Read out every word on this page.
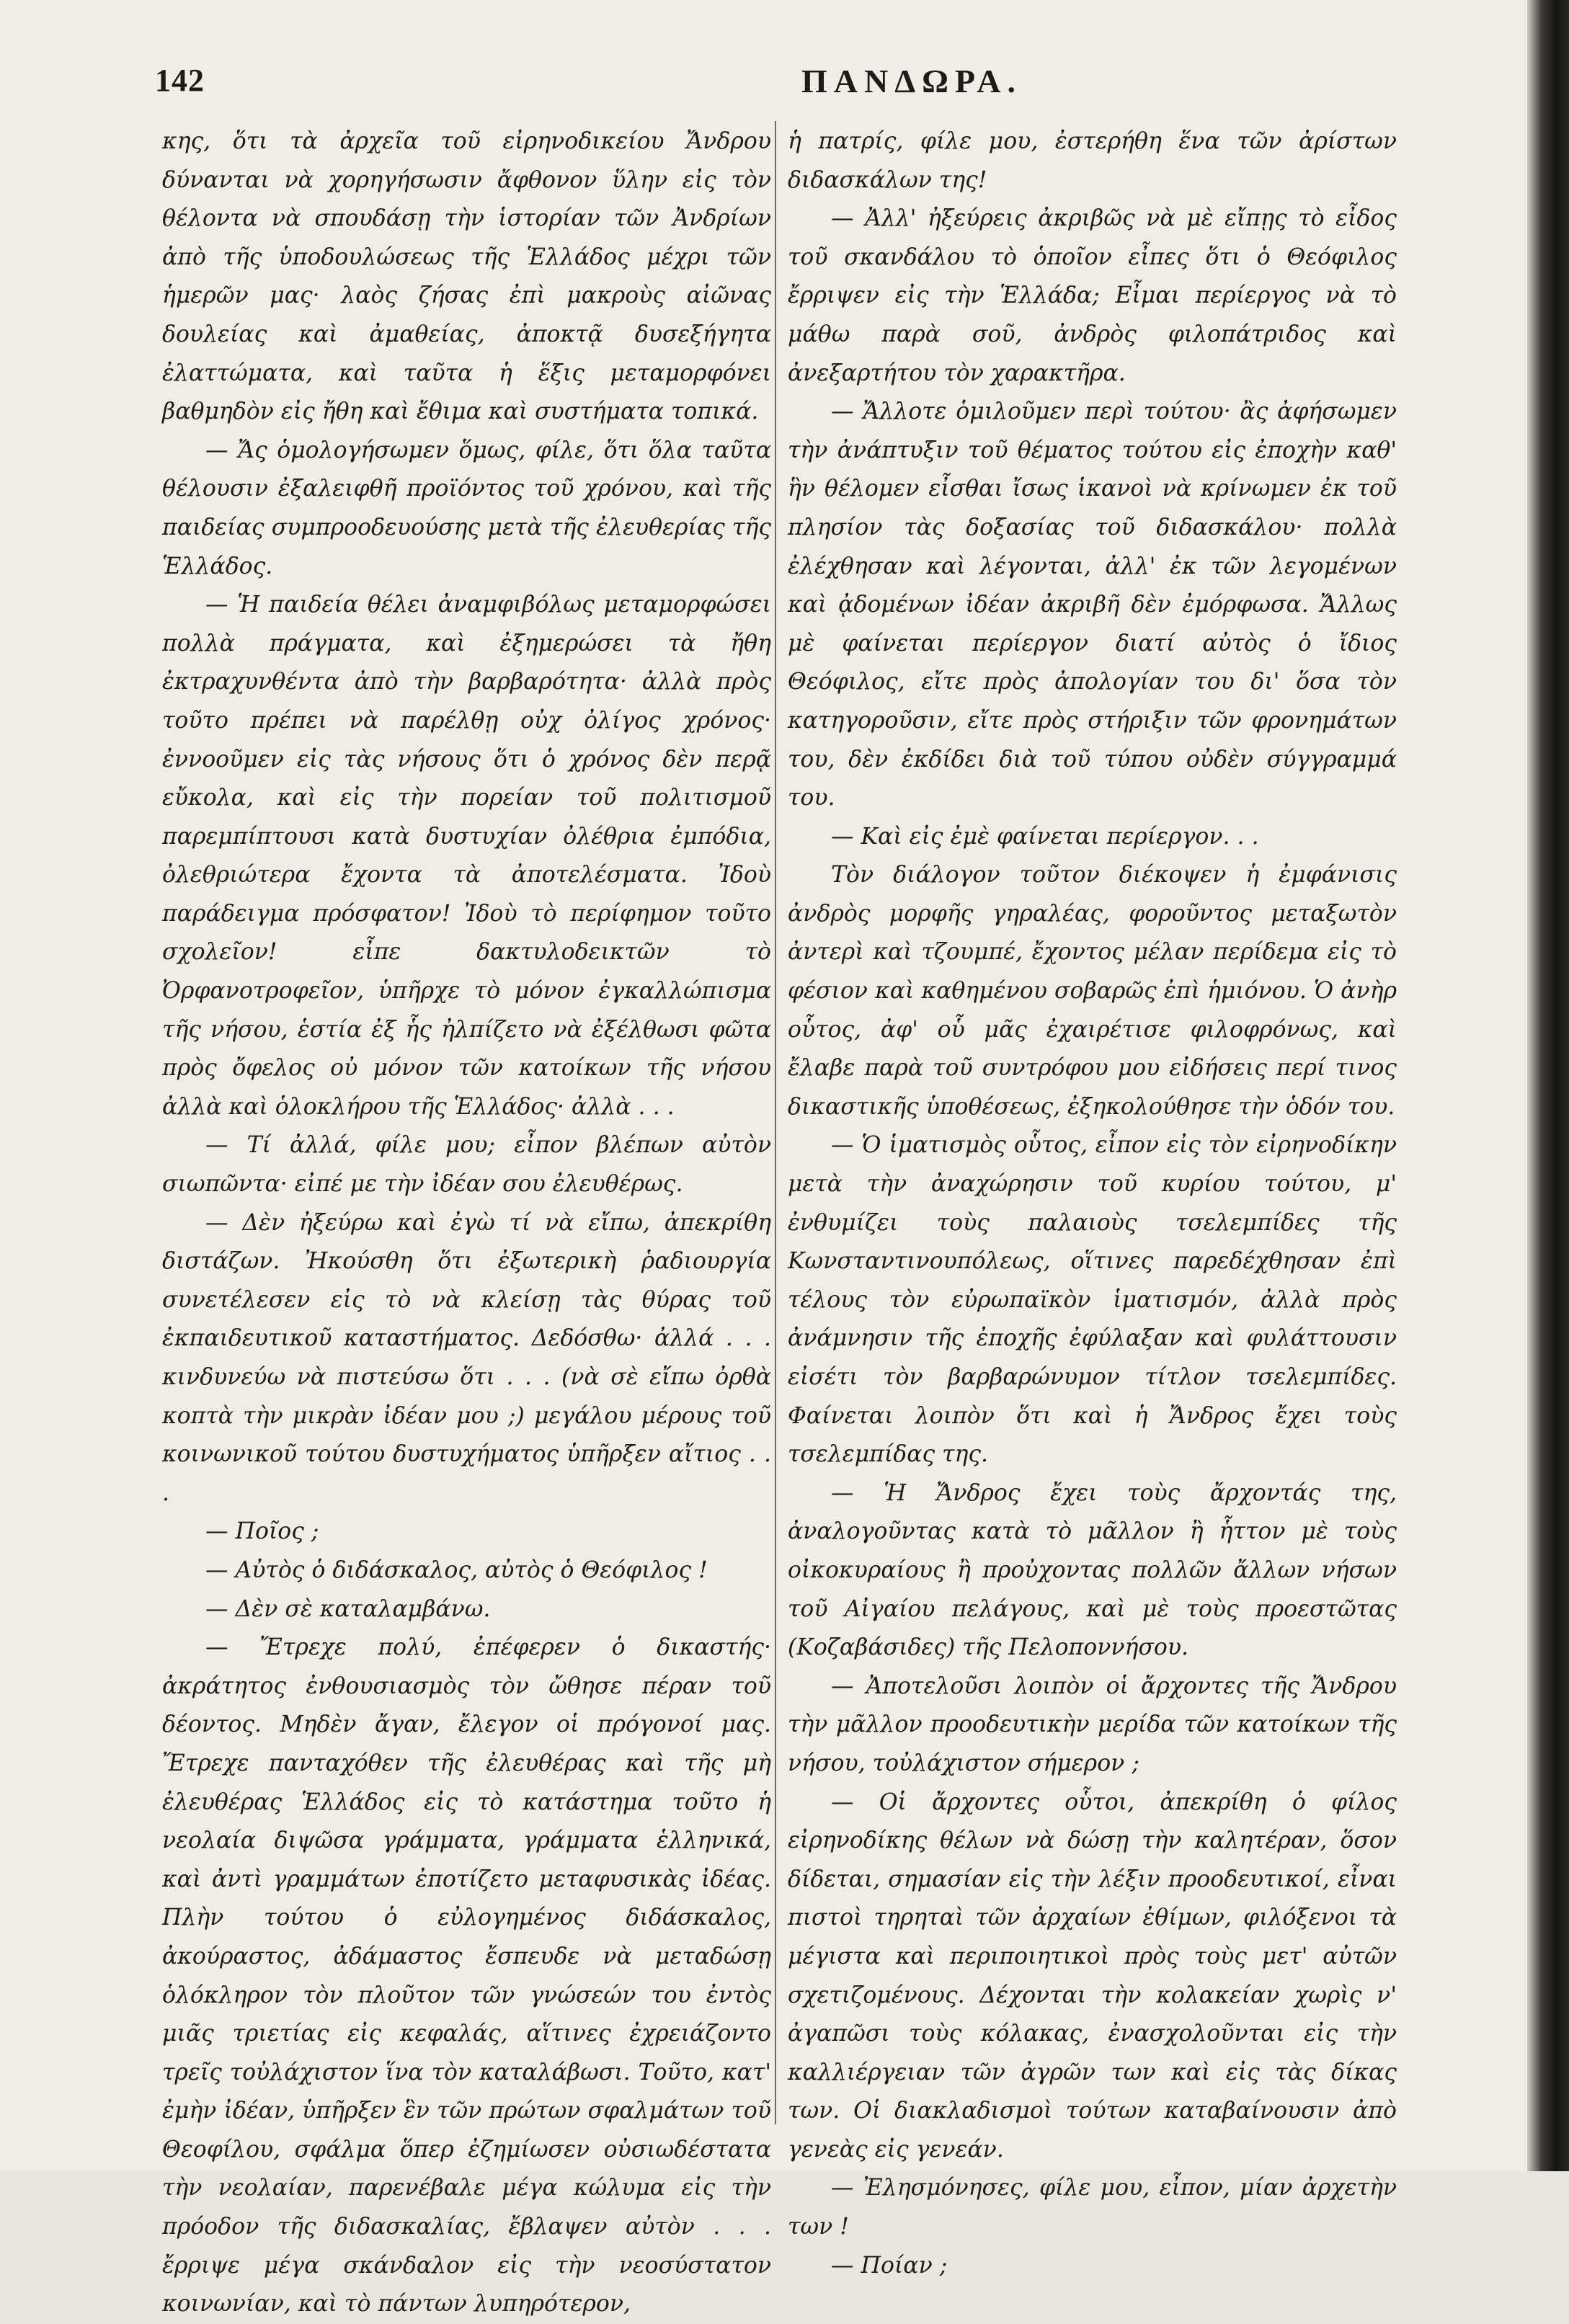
142	ΠΑΝΔΩΡΑ.

κης, ὅτι τὰ ἀρχεῖα τοῦ εἰρηνοδικείου Ἄνδρου δύνανται νὰ χορηγήσωσιν ἄφθονον ὕλην εἰς τὸν θέλοντα νὰ σπουδάσῃ τὴν ἱστορίαν τῶν Ἀνδρίων ἀπὸ τῆς ὑποδουλώσεως τῆς Ἑλλάδος μέχρι τῶν ἡμερῶν μας· λαὸς ζήσας ἐπὶ μακροὺς αἰῶνας δουλείας καὶ ἀμαθείας, ἀποκτᾷ δυσεξήγητα ἐλαττώματα, καὶ ταῦτα ἡ ἕξις μεταμορφόνει βαθμηδὸν εἰς ἤθη καὶ ἔθιμα καὶ συστήματα τοπικά.

— Ἄς ὁμολογήσωμεν ὅμως, φίλε, ὅτι ὅλα ταῦτα θέλουσιν ἐξαλειφθῆ προϊόντος τοῦ χρόνου, καὶ τῆς παιδείας συμπροοδευούσης μετὰ τῆς ἐλευθερίας τῆς Ἑλλάδος.

— Ἡ παιδεία θέλει ἀναμφιβόλως μεταμορφώσει πολλὰ πράγματα, καὶ ἐξημερώσει τὰ ἤθη ἐκτραχυνθέντα ἀπὸ τὴν βαρβαρότητα· ἀλλὰ πρὸς τοῦτο πρέπει νὰ παρέλθῃ οὐχ ὀλίγος χρόνος· ἐννοοῦμεν εἰς τὰς νήσους ὅτι ὁ χρόνος δὲν περᾷ εὔκολα, καὶ εἰς τὴν πορείαν τοῦ πολιτισμοῦ παρεμπίπτουσι κατὰ δυστυχίαν ὀλέθρια ἐμπόδια, ὀλεθριώτερα ἔχοντα τὰ ἀποτελέσματα. Ἰδοὺ παράδειγμα πρόσφατον! Ἰδοὺ τὸ περίφημον τοῦτο σχολεῖον! εἶπε δακτυλοδεικτῶν τὸ Ὀρφανοτροφεῖον, ὑπῆρχε τὸ μόνον ἐγκαλλώπισμα τῆς νήσου, ἑστία ἐξ ἧς ἠλπίζετο νὰ ἐξέλθωσι φῶτα πρὸς ὄφελος οὐ μόνον τῶν κατοίκων τῆς νήσου ἀλλὰ καὶ ὁλοκλήρου τῆς Ἑλλάδος· ἀλλὰ . . .

— Τί ἀλλά, φίλε μου; εἶπον βλέπων αὐτὸν σιωπῶντα· εἰπέ με τὴν ἰδέαν σου ἐλευθέρως.

— Δὲν ἠξεύρω καὶ ἐγὼ τί νὰ εἴπω, ἀπεκρίθη διστάζων. Ἠκούσθη ὅτι ἐξωτερικὴ ῥαδιουργία συνετέλεσεν εἰς τὸ νὰ κλείσῃ τὰς θύρας τοῦ ἐκπαιδευτικοῦ καταστήματος. Δεδόσθω· ἀλλά . . . κινδυνεύω νὰ πιστεύσω ὅτι . . . (νὰ σὲ εἴπω ὀρθὰ κοπτὰ τὴν μικρὰν ἰδέαν μου ;) μεγάλου μέρους τοῦ κοινωνικοῦ τούτου δυστυχήματος ὑπῆρξεν αἴτιος . . .

— Ποῖος ;

— Αὐτὸς ὁ διδάσκαλος, αὐτὸς ὁ Θεόφιλος !

— Δὲν σὲ καταλαμβάνω.

— Ἔτρεχε πολύ, ἐπέφερεν ὁ δικαστής· ἀκράτητος ἐνθουσιασμὸς τὸν ὤθησε πέραν τοῦ δέοντος. Μηδὲν ἄγαν, ἔλεγον οἱ πρόγονοί μας. Ἔτρεχε πανταχόθεν τῆς ἐλευθέρας καὶ τῆς μὴ ἐλευθέρας Ἑλλάδος εἰς τὸ κατάστημα τοῦτο ἡ νεολαία διψῶσα γράμματα, γράμματα ἑλληνικά, καὶ ἀντὶ γραμμάτων ἐποτίζετο μεταφυσικὰς ἰδέας. Πλὴν τούτου ὁ εὐλογημένος διδάσκαλος, ἀκούραστος, ἀδάμαστος ἔσπευδε νὰ μεταδώσῃ ὁλόκληρον τὸν πλοῦτον τῶν γνώσεών του ἐντὸς μιᾶς τριετίας εἰς κεφαλάς, αἵτινες ἐχρειάζοντο τρεῖς τοὐλάχιστον ἵνα τὸν καταλάβωσι. Τοῦτο, κατ' ἐμὴν ἰδέαν, ὑπῆρξεν ἓν τῶν πρώτων σφαλμάτων τοῦ Θεοφίλου, σφάλμα ὅπερ ἐζημίωσεν οὐσιωδέστατα τὴν νεολαίαν, παρενέβαλε μέγα κώλυμα εἰς τὴν πρόοδον τῆς διδασκαλίας, ἔβλαψεν αὐτὸν . . . ἔρριψε μέγα σκάνδαλον εἰς τὴν νεοσύστατον κοινωνίαν, καὶ τὸ πάντων λυπηρότερον,

ἡ πατρίς, φίλε μου, ἐστερήθη ἕνα τῶν ἀρίστων διδασκάλων της!

— Ἀλλ' ἠξεύρεις ἀκριβῶς νὰ μὲ εἴπῃς τὸ εἶδος τοῦ σκανδάλου τὸ ὁποῖον εἶπες ὅτι ὁ Θεόφιλος ἔρριψεν εἰς τὴν Ἑλλάδα; Εἶμαι περίεργος νὰ τὸ μάθω παρὰ σοῦ, ἀνδρὸς φιλοπάτριδος καὶ ἀνεξαρτήτου τὸν χαρακτῆρα.

— Ἄλλοτε ὁμιλοῦμεν περὶ τούτου· ἂς ἀφήσωμεν τὴν ἀνάπτυξιν τοῦ θέματος τούτου εἰς ἐποχὴν καθ' ἣν θέλομεν εἶσθαι ἴσως ἱκανοὶ νὰ κρίνωμεν ἐκ τοῦ πλησίον τὰς δοξασίας τοῦ διδασκάλου· πολλὰ ἐλέχθησαν καὶ λέγονται, ἀλλ' ἐκ τῶν λεγομένων καὶ ᾀδομένων ἰδέαν ἀκριβῆ δὲν ἐμόρφωσα. Ἄλλως μὲ φαίνεται περίεργον διατί αὐτὸς ὁ ἴδιος Θεόφιλος, εἴτε πρὸς ἀπολογίαν του δι' ὅσα τὸν κατηγοροῦσιν, εἴτε πρὸς στήριξιν τῶν φρονημάτων του, δὲν ἐκδίδει διὰ τοῦ τύπου οὐδὲν σύγγραμμά του.

— Καὶ εἰς ἐμὲ φαίνεται περίεργον. . .

Τὸν διάλογον τοῦτον διέκοψεν ἡ ἐμφάνισις ἀνδρὸς μορφῆς γηραλέας, φοροῦντος μεταξωτὸν ἀντερὶ καὶ τζουμπέ, ἔχοντος μέλαν περίδεμα εἰς τὸ φέσιον καὶ καθημένου σοβαρῶς ἐπὶ ἡμιόνου. Ὁ ἀνὴρ οὗτος, ἀφ' οὗ μᾶς ἐχαιρέτισε φιλοφρόνως, καὶ ἔλαβε παρὰ τοῦ συντρόφου μου εἰδήσεις περί τινος δικαστικῆς ὑποθέσεως, ἐξηκολούθησε τὴν ὁδόν του.

— Ὁ ἱματισμὸς οὗτος, εἶπον εἰς τὸν εἰρηνοδίκην μετὰ τὴν ἀναχώρησιν τοῦ κυρίου τούτου, μ' ἐνθυμίζει τοὺς παλαιοὺς τσελεμπίδες τῆς Κωνσταντινουπόλεως, οἵτινες παρεδέχθησαν ἐπὶ τέλους τὸν εὐρωπαϊκὸν ἱματισμόν, ἀλλὰ πρὸς ἀνάμνησιν τῆς ἐποχῆς ἐφύλαξαν καὶ φυλάττουσιν εἰσέτι τὸν βαρβαρώνυμον τίτλον τσελεμπίδες. Φαίνεται λοιπὸν ὅτι καὶ ἡ Ἄνδρος ἔχει τοὺς τσελεμπίδας της.

— Ἡ Ἄνδρος ἔχει τοὺς ἄρχοντάς της, ἀναλογοῦντας κατὰ τὸ μᾶλλον ἢ ἧττον μὲ τοὺς οἰκοκυραίους ἢ προὐχοντας πολλῶν ἄλλων νήσων τοῦ Αἰγαίου πελάγους, καὶ μὲ τοὺς προεστῶτας (Κοζαβάσιδες) τῆς Πελοποννήσου.

— Ἀποτελοῦσι λοιπὸν οἱ ἄρχοντες τῆς Ἄνδρου τὴν μᾶλλον προοδευτικὴν μερίδα τῶν κατοίκων τῆς νήσου, τοὐλάχιστον σήμερον ;

— Οἱ ἄρχοντες οὗτοι, ἀπεκρίθη ὁ φίλος εἰρηνοδίκης θέλων νὰ δώσῃ τὴν καλητέραν, ὅσον δίδεται, σημασίαν εἰς τὴν λέξιν προοδευτικοί, εἶναι πιστοὶ τηρηταὶ τῶν ἀρχαίων ἐθίμων, φιλόξενοι τὰ μέγιστα καὶ περιποιητικοὶ πρὸς τοὺς μετ' αὐτῶν σχετιζομένους. Δέχονται τὴν κολακείαν χωρὶς ν' ἀγαπῶσι τοὺς κόλακας, ἐνασχολοῦνται εἰς τὴν καλλιέργειαν τῶν ἀγρῶν των καὶ εἰς τὰς δίκας των. Οἱ διακλαδισμοὶ τούτων καταβαίνουσιν ἀπὸ γενεὰς εἰς γενεάν.

— Ἐλησμόνησες, φίλε μου, εἶπον, μίαν ἀρχετὴν των !

— Ποίαν ;
